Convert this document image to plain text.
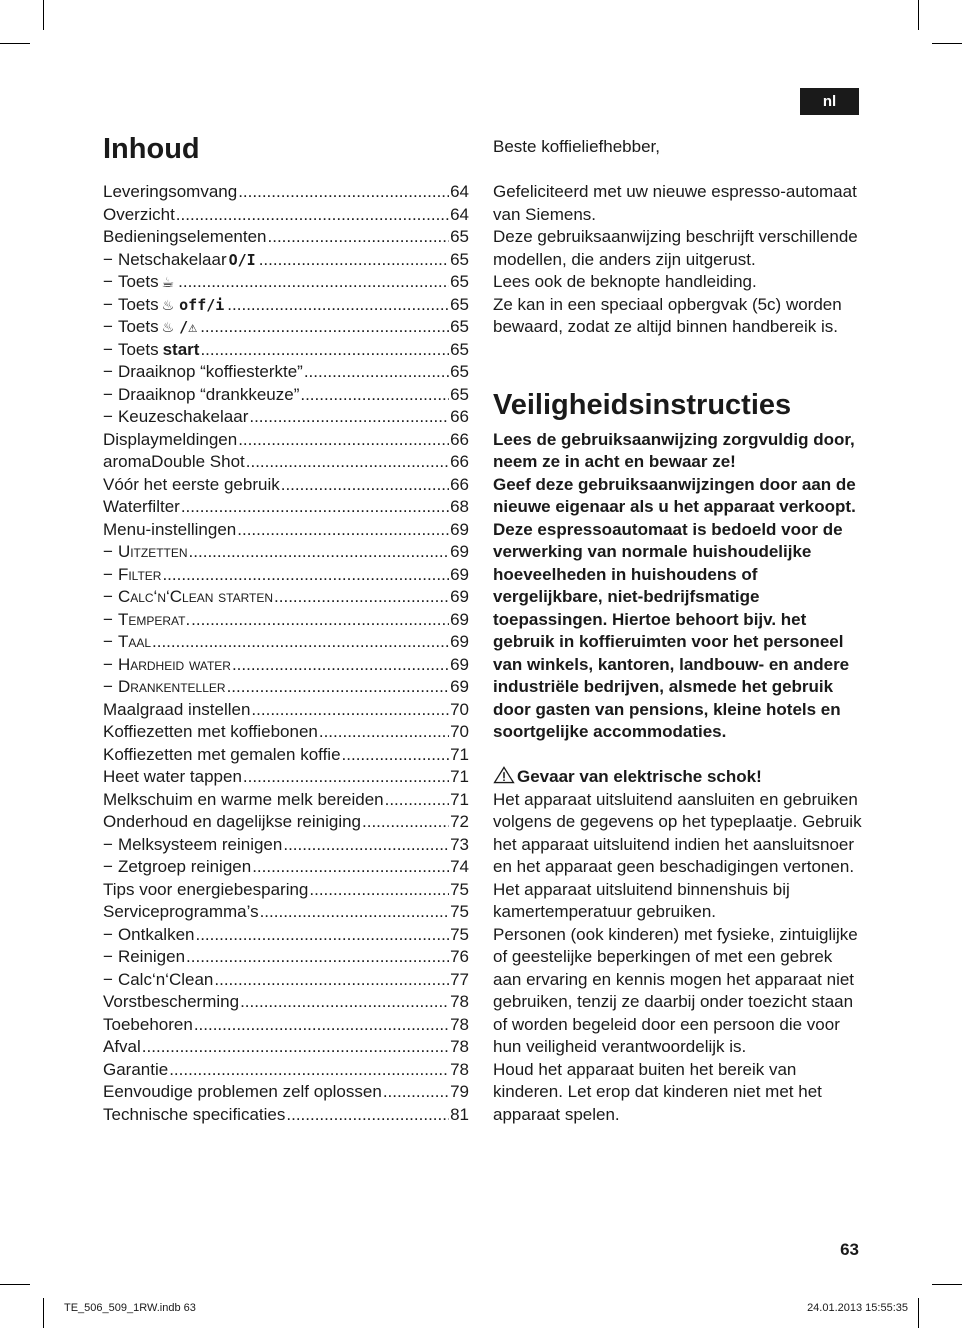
nl
Inhoud
Leveringsomvang .....	64
Overzicht .....	64
Bedieningselementen .....	65
− Netschakelaar O/I .....	65
− Toets ☕ .....	65
− Toets ♨ off/i .....	65
− Toets ♨ /⚠ .....	65
− Toets start .....	65
− Draaiknop “koffiesterkte” .....	65
− Draaiknop “drankkeuze” .....	65
− Keuzeschakelaar .....	66
Displaymeldingen .....	66
aromaDouble Shot .....	66
Vóór het eerste gebruik .....	66
Waterfilter .....	68
Menu-instellingen .....	69
− Uitzetten .....	69
− Filter .....	69
− Calc‘n‘Clean starten .....	69
− Temperat. .....	69
− Taal .....	69
− Hardheid water .....	69
− Drankenteller .....	69
Maalgraad instellen .....	70
Koffiezetten met koffiebonen .....	70
Koffiezetten met gemalen koffie .....	71
Heet water tappen .....	71
Melkschuim en warme melk bereiden .....	71
Onderhoud en dagelijkse reiniging .....	72
− Melksysteem reinigen .....	73
− Zetgroep reinigen .....	74
Tips voor energiebesparing .....	75
Serviceprogramma’s .....	75
− Ontkalken .....	75
− Reinigen .....	76
− Calc‘n‘Clean .....	77
Vorstbescherming .....	78
Toebehoren .....	78
Afval .....	78
Garantie .....	78
Eenvoudige problemen zelf oplossen .....	79
Technische specificaties .....	81

Beste koffieliefhebber,

Gefeliciteerd met uw nieuwe espresso-automaat van Siemens.

Deze gebruiksaanwijzing beschrijft verschillende modellen, die anders zijn uitgerust.

Lees ook de beknopte handleiding.

Ze kan in een speciaal opbergvak (5c) worden bewaard, zodat ze altijd binnen handbereik is.

Veiligheidsinstructies

Lees de gebruiksaanwijzing zorgvuldig door, neem ze in acht en bewaar ze!

Geef deze gebruiksaanwijzingen door aan de nieuwe eigenaar als u het apparaat verkoopt.

Deze espressoautomaat is bedoeld voor de verwerking van normale huishoudelijke hoeveelheden in huishoudens of vergelijkbare, niet-bedrijfsmatige toepassingen. Hiertoe behoort bijv. het gebruik in koffieruimten voor het personeel van winkels, kantoren, landbouw- en andere industriële bedrijven, alsmede het gebruik door gasten van pensions, kleine hotels en soortgelijke accommodaties.

Gevaar van elektrische schok!

Het apparaat uitsluitend aansluiten en gebruiken volgens de gegevens op het typeplaatje. Gebruik het apparaat uitsluitend indien het aansluitsnoer en het apparaat geen beschadigingen vertonen. Het apparaat uitsluitend binnenshuis bij kamertemperatuur gebruiken.

Personen (ook kinderen) met fysieke, zintuiglijke of geestelijke beperkingen of met een gebrek aan ervaring en kennis mogen het apparaat niet gebruiken, tenzij ze daarbij onder toezicht staan of worden begeleid door een persoon die voor hun veiligheid verantwoordelijk is.

Houd het apparaat buiten het bereik van kinderen. Let erop dat kinderen niet met het apparaat spelen.

63
TE_506_509_1RW.indb 63	24.01.2013 15:55:35
